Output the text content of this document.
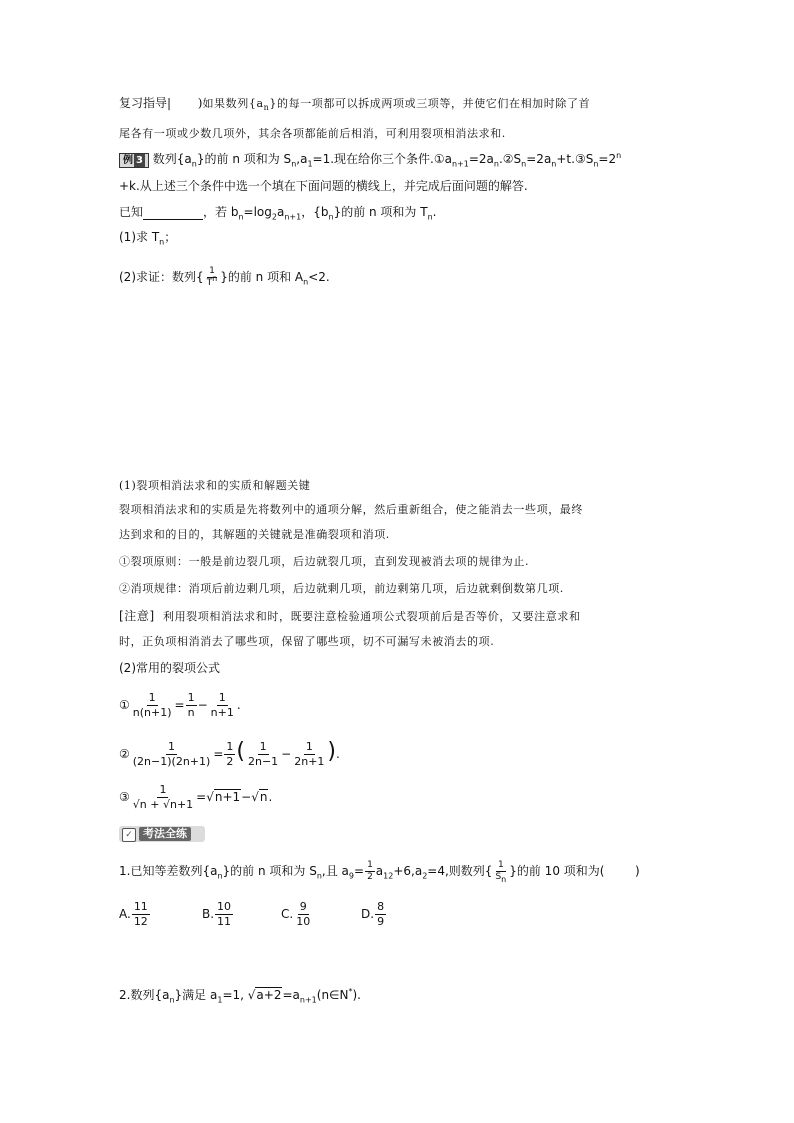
复习指导|       )如果数列$\{a_n\}$的每一项都可以拆成两项或三项等，并使它们在相加时除了首
尾各有一项或少数几项外，其余各项都能前后相消，可利用裂项相消法求和.
例 3 数列$\{a_n\}$的前 n 项和为 $S_n,a_1=1$.现在给你三个条件$.①a_{n+1}=2a_n.②S_n=2a_n+t.③S_n=2^n$
+k.从上述三个条件中选一个填在下面问题的横线上，并完成后面问题的解答.
已知	，若 $b_n=\log_2a_{n+1}$，$\{b_n\}$的前 n 项和为 $T_n$.
(1)求 $T_n$；
(2)求证：数列{ $\frac{1}{T^n}$ }的前 n 项和 $A_n<2$.
(1)裂项相消法求和的实质和解题关键
裂项相消法求和的实质是先将数列中的通项分解，然后重新组合，使之能消去一些项，最终
达到求和的目的，其解题的关键就是准确裂项和消项.
①裂项原则：一般是前边裂几项，后边就裂几项，直到发现被消去项的规律为止.
②消项规律：消项后前边剩几项，后边就剩几项，前边剩第几项，后边就剩倒数第几项.
[注意] 利用裂项相消法求和时，既要注意检验通项公式裂项前后是否等价，又要注意求和
时，正负项相消消去了哪些项，保留了哪些项，切不可漏写未被消去的项.
(2)常用的裂项公式
① $\frac{1}{n(n+1)} = \frac{1}{n} - \frac{1}{n+1}$ .
② $\frac{1}{(2n-1)(2n+1)} = \frac{1}{2}$ ( $\frac{1}{2n-1} - \frac{1}{2n+1}$ ).
③ $\frac{1}{√n + √n+1} =√n+1-√n$.
✓ 考法全练
1.已知等差数列$\{a_n\}$的前 n 项和为 $S_n$,且 $a_9= \frac{1}{2} a_{12}+6,a_2=4$,则数列{ $\frac{1}{S_n}$ }的前 10 项和为(	)
A. $\frac{11}{12}$	B. $\frac{10}{11}$	C. $\frac{9}{10}$	D. $\frac{8}{9}$
2.数列$\{a_n\}$满足 $a_1=1$, $√a+2=a_{n+1}(n\in N^*)$.
